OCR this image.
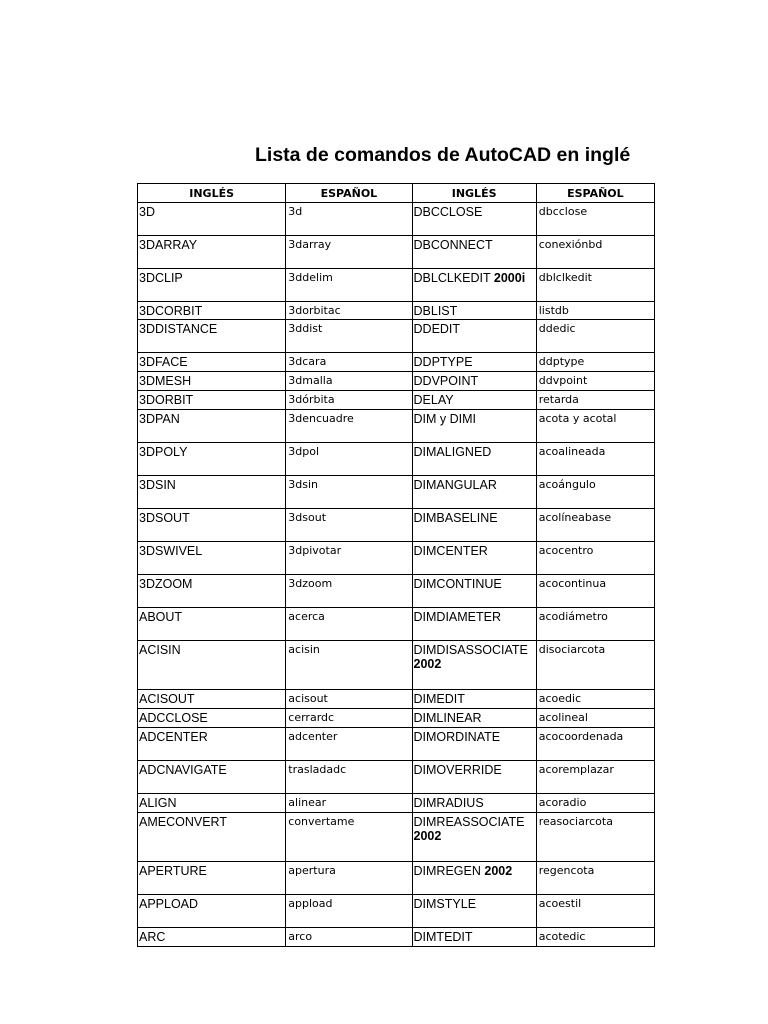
Lista de comandos de AutoCAD en inglé
INGLÉS	ESPAÑOL	INGLÉS	ESPAÑOL
3D	3d	DBCCLOSE	dbcclose
3DARRAY	3darray	DBCONNECT	conexiónbd
3DCLIP	3ddelim	DBLCLKEDIT 2000i	dblclkedit
3DCORBIT	3dorbitac	DBLIST	listdb
3DDISTANCE	3ddist	DDEDIT	ddedic
3DFACE	3dcara	DDPTYPE	ddptype
3DMESH	3dmalla	DDVPOINT	ddvpoint
3DORBIT	3dórbita	DELAY	retarda
3DPAN	3dencuadre	DIM y DIMI	acota y acotal
3DPOLY	3dpol	DIMALIGNED	acoalineada
3DSIN	3dsin	DIMANGULAR	acoángulo
3DSOUT	3dsout	DIMBASELINE	acolíneabase
3DSWIVEL	3dpivotar	DIMCENTER	acocentro
3DZOOM	3dzoom	DIMCONTINUE	acocontinua
ABOUT	acerca	DIMDIAMETER	acodiámetro
ACISIN	acisin	DIMDISASSOCIATE 2002	disociarcota
ACISOUT	acisout	DIMEDIT	acoedic
ADCCLOSE	cerrardc	DIMLINEAR	acolineal
ADCENTER	adcenter	DIMORDINATE	acocoordenada
ADCNAVIGATE	trasladadc	DIMOVERRIDE	acoremplazar
ALIGN	alinear	DIMRADIUS	acoradio
AMECONVERT	convertame	DIMREASSOCIATE 2002	reasociarcota
APERTURE	apertura	DIMREGEN 2002	regencota
APPLOAD	appload	DIMSTYLE	acoestil
ARC	arco	DIMTEDIT	acotedic
